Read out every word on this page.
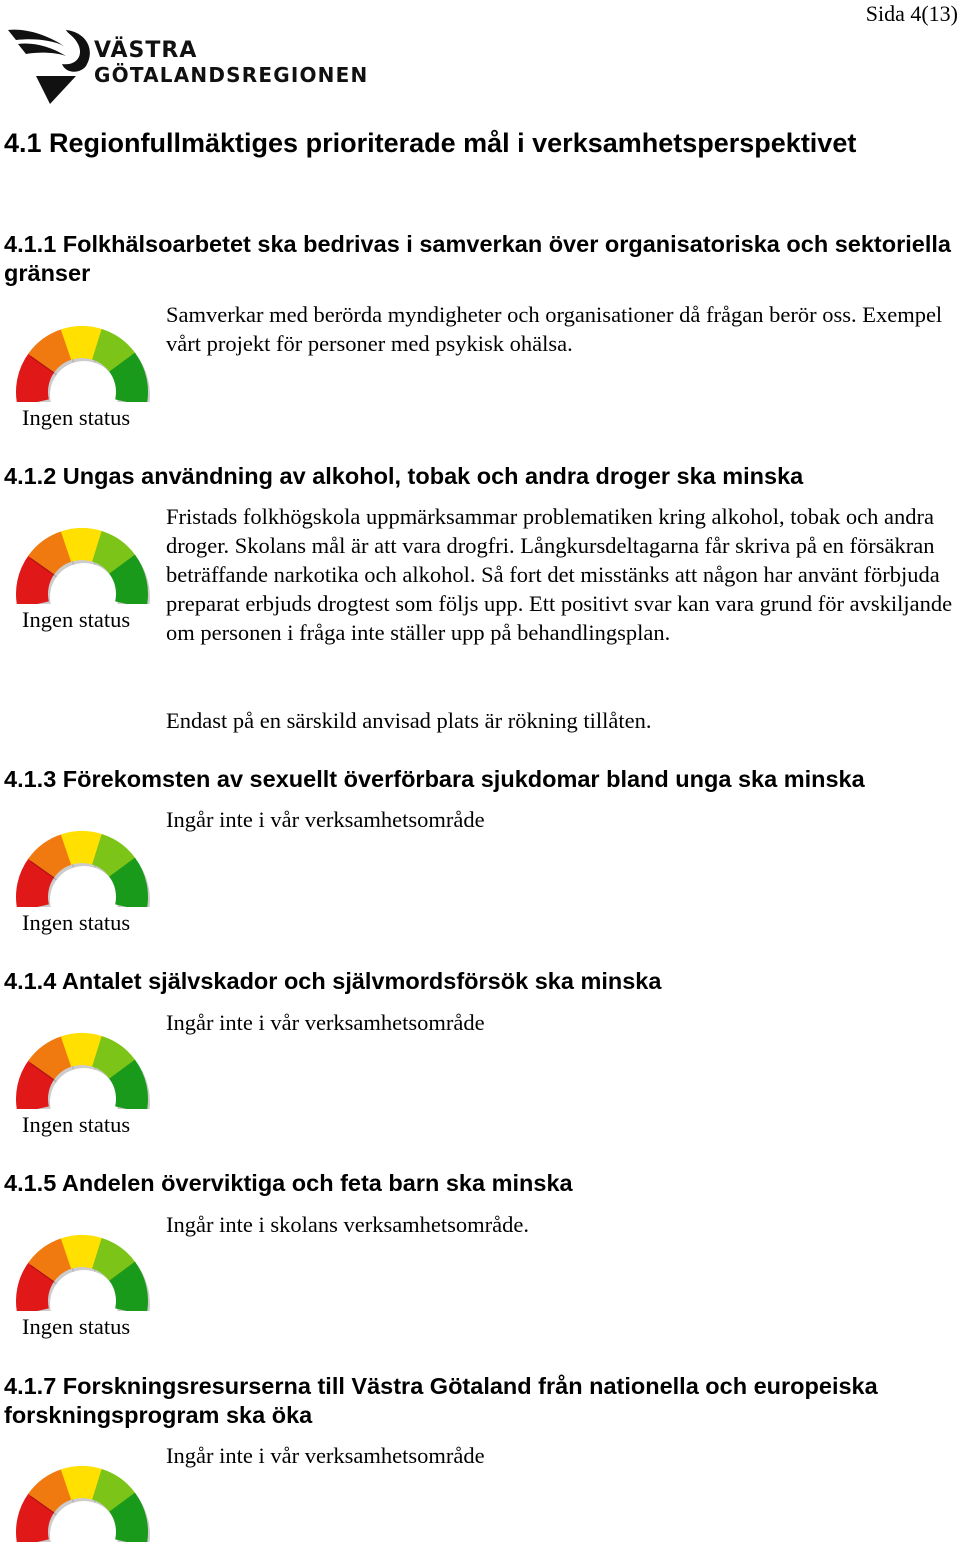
Sida 4(13)
VÄSTRA
GÖTALANDSREGIONEN
4.1 Regionfullmäktiges prioriterade mål i verksamhetsperspektivet
4.1.1 Folkhälsoarbetet ska bedrivas i samverkan över organisatoriska och sektoriella gränser

Samverkar med berörda myndigheter och organisationer då frågan berör oss. Exempel vårt projekt för personer med psykisk ohälsa.

Ingen status
4.1.2 Ungas användning av alkohol, tobak och andra droger ska minska

Fristads folkhögskola uppmärksammar problematiken kring alkohol, tobak och andra droger. Skolans mål är att vara drogfri. Långkursdeltagarna får skriva på en försäkran beträffande narkotika och alkohol. Så fort det misstänks att någon har använt förbjuda preparat erbjuds drogtest som följs upp. Ett positivt svar kan vara grund för avskiljande om personen i fråga inte ställer upp på behandlingsplan.

Ingen status

Endast på en särskild anvisad plats är rökning tillåten.

4.1.3 Förekomsten av sexuellt överförbara sjukdomar bland unga ska minska

Ingår inte i vår verksamhetsområde

Ingen status
4.1.4 Antalet självskador och självmordsförsök ska minska

Ingår inte i vår verksamhetsområde

Ingen status
4.1.5 Andelen överviktiga och feta barn ska minska

Ingår inte i skolans verksamhetsområde.

Ingen status
4.1.7 Forskningsresurserna till Västra Götaland från nationella och europeiska forskningsprogram ska öka

Ingår inte i vår verksamhetsområde
